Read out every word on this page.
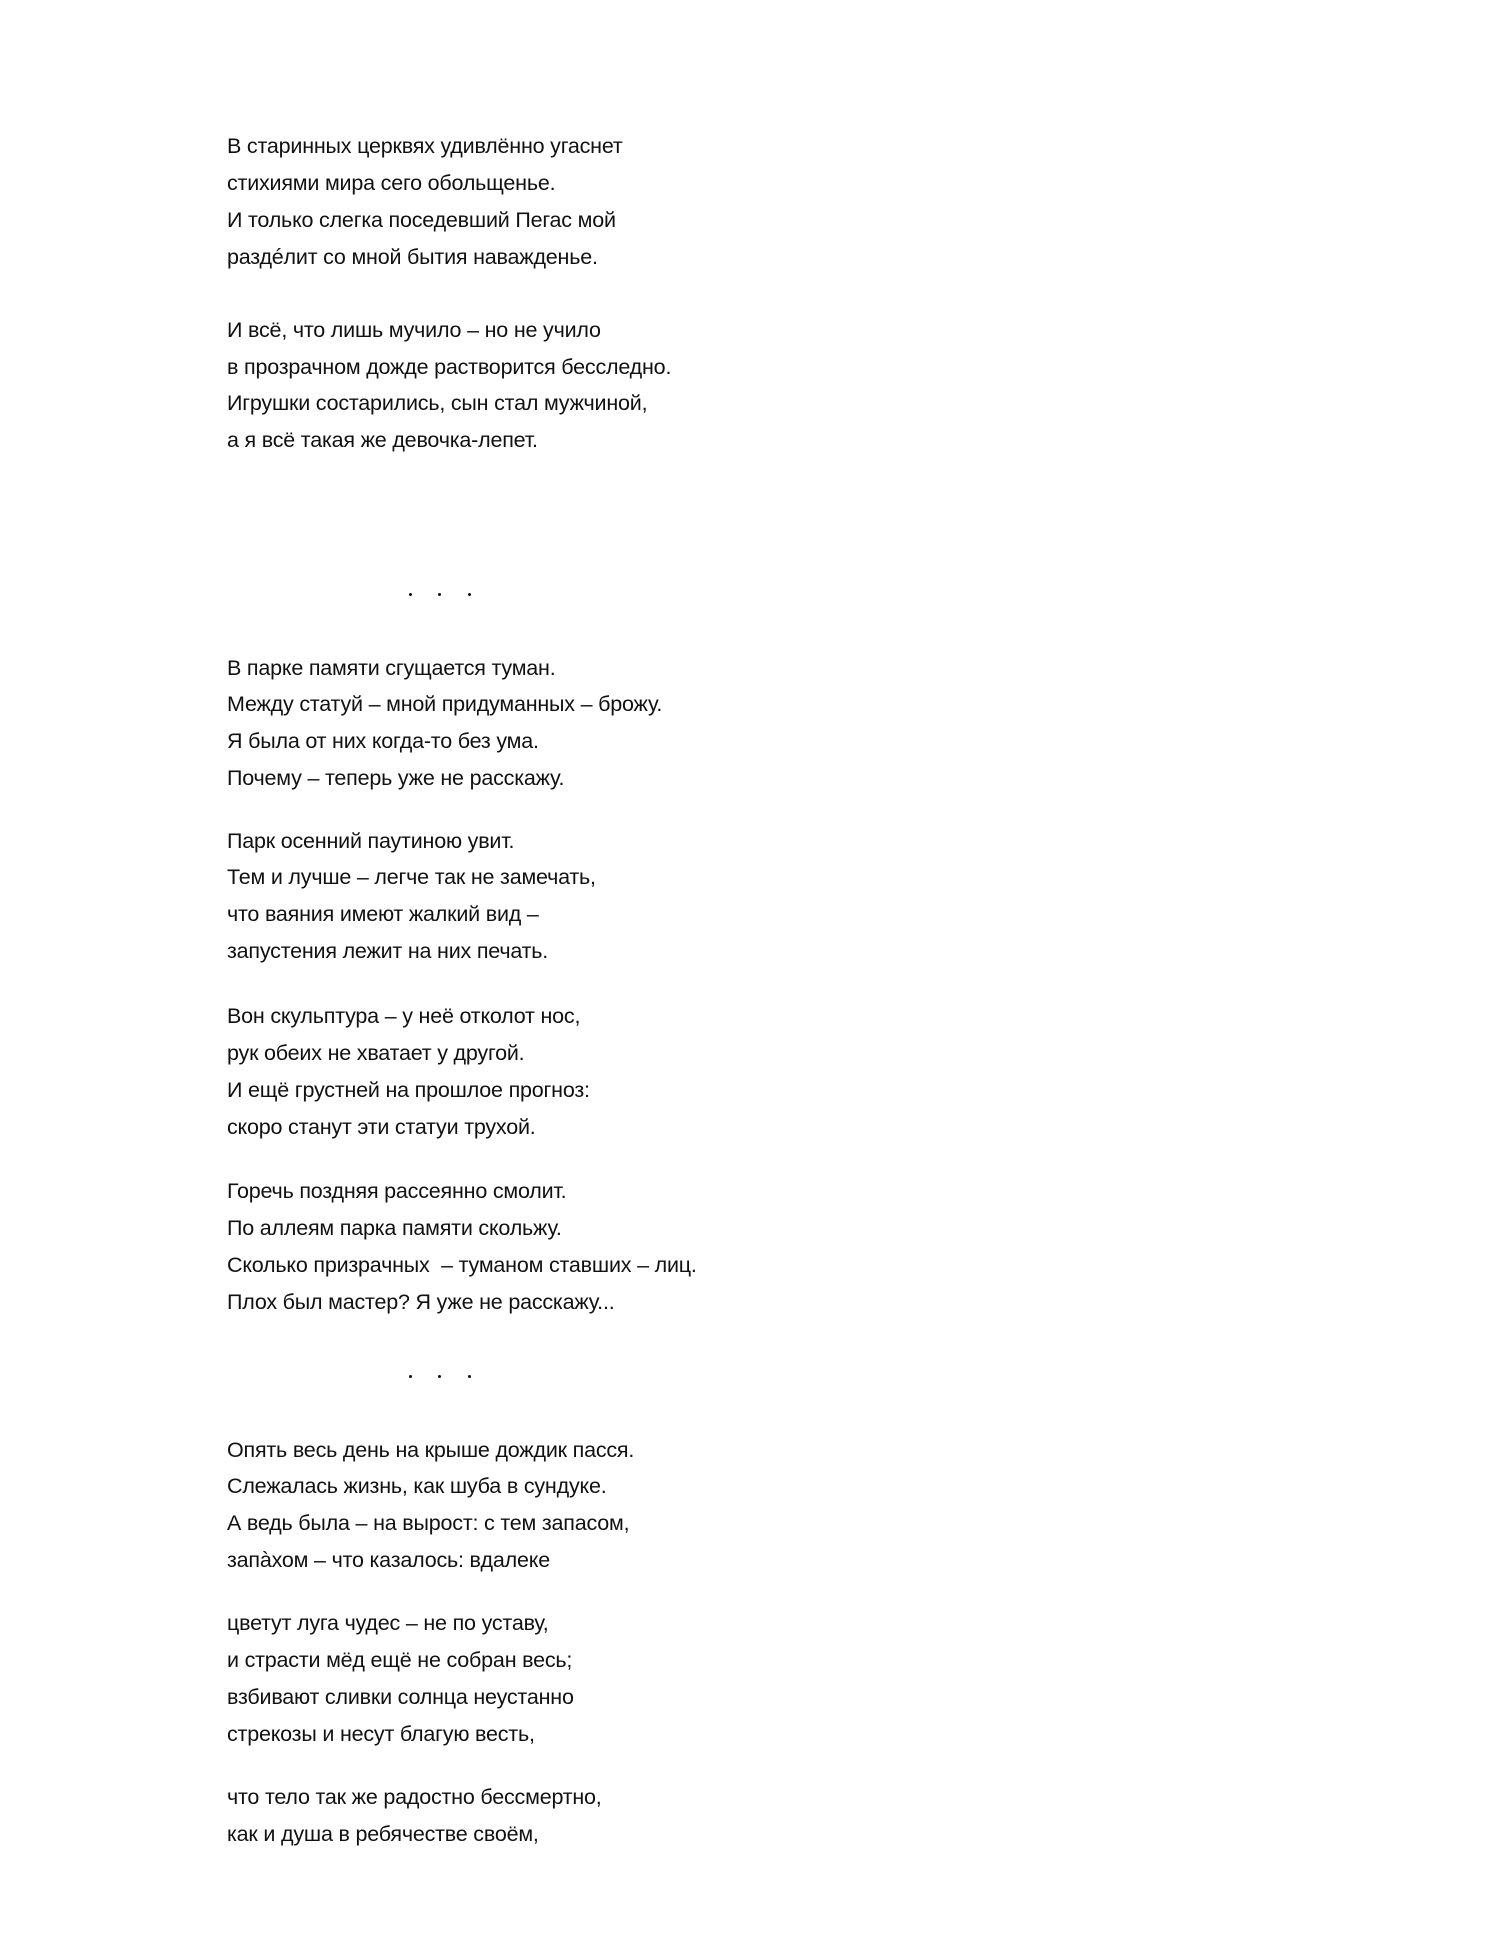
В старинных церквях удивлённо угаснет
стихиями мира сего обольщенье.
И только слегка поседевший Пегас мой
раздéлит со мной бытия наважденье.
И всё, что лишь мучило – но не учило
в прозрачном дожде растворится бесследно.
Игрушки состарились, сын стал мужчиной,
а я всё такая же девочка-лепет.
В парке памяти сгущается туман.
Между статуй – мной придуманных – брожу.
Я была от них когда-то без ума.
Почему – теперь уже не расскажу.
Парк осенний паутиною увит.
Тем и лучше – легче так не замечать,
что ваяния имеют жалкий вид –
запустения лежит на них печать.
Вон скульптура – у неё отколот нос,
рук обеих не хватает у другой.
И ещё грустней на прошлое прогноз:
скоро станут эти статуи трухой.
Горечь поздняя рассеянно смолит.
По аллеям парка памяти скольжу.
Сколько призрачных  – туманом ставших – лиц.
Плох был мастер? Я уже не расскажу...
Опять весь день на крыше дождик пасся.
Слежалась жизнь, как шуба в сундуке.
А ведь была – на вырост: с тем запасом,
запàхом – что казалось: вдалеке
цветут луга чудес – не по уставу,
и страсти мёд ещё не собран весь;
взбивают сливки солнца неустанно
стрекозы и несут благую весть,
что тело так же радостно бессмертно,
как и душа в ребячестве своём,
